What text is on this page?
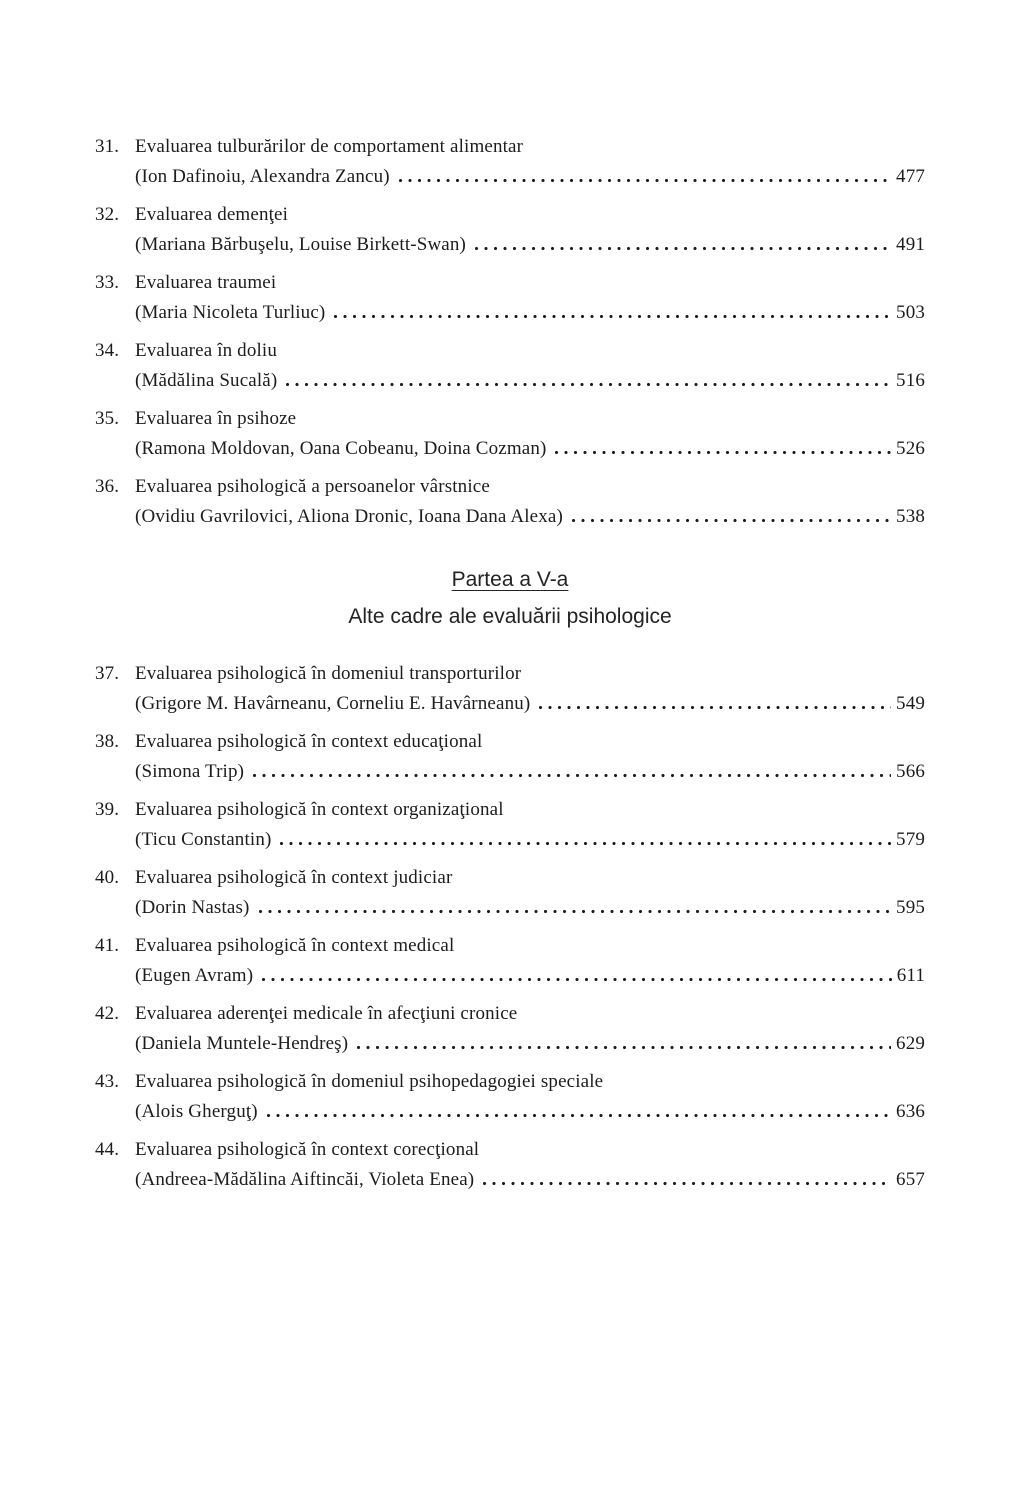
31. Evaluarea tulburărilor de comportament alimentar
(Ion Dafinoiu, Alexandra Zancu)	477
32. Evaluarea demenţei
(Mariana Bărbuşelu, Louise Birkett-Swan)	491
33. Evaluarea traumei
(Maria Nicoleta Turliuc)	503
34. Evaluarea în doliu
(Mădălina Sucală)	516
35. Evaluarea în psihoze
(Ramona Moldovan, Oana Cobeanu, Doina Cozman)	526
36. Evaluarea psihologică a persoanelor vârstnice
(Ovidiu Gavrilovici, Aliona Dronic, Ioana Dana Alexa)	538
Partea a V-a
Alte cadre ale evaluării psihologice
37. Evaluarea psihologică în domeniul transporturilor
(Grigore M. Havârneanu, Corneliu E. Havârneanu)	549
38. Evaluarea psihologică în context educaţional
(Simona Trip)	566
39. Evaluarea psihologică în context organizaţional
(Ticu Constantin)	579
40. Evaluarea psihologică în context judiciar
(Dorin Nastas)	595
41. Evaluarea psihologică în context medical
(Eugen Avram)	611
42. Evaluarea aderenţei medicale în afecţiuni cronice
(Daniela Muntele-Hendreş)	629
43. Evaluarea psihologică în domeniul psihopedagogiei speciale
(Alois Gherguţ)	636
44. Evaluarea psihologică în context corecţional
(Andreea-Mădălina Aiftincăi, Violeta Enea)	657
